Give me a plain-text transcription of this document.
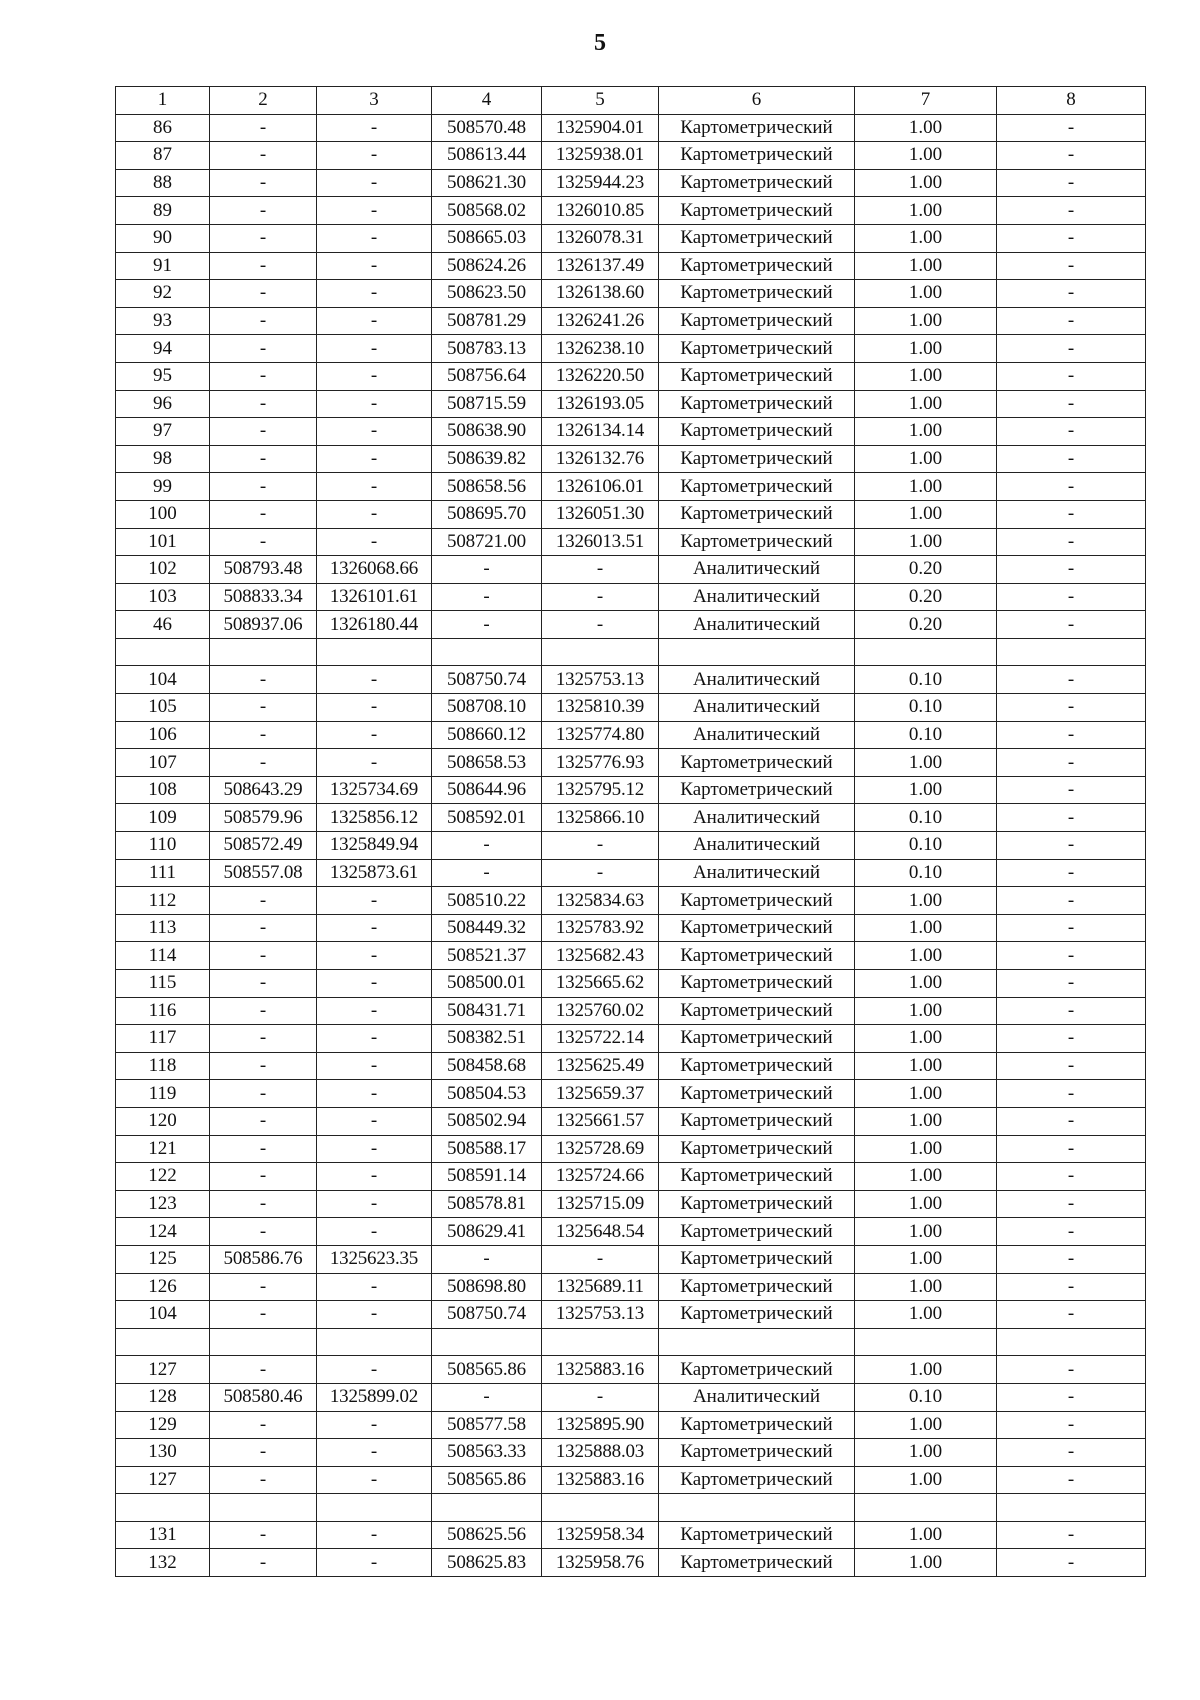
5
1	2	3	4	5	6	7	8
86	-	-	508570.48	1325904.01	Картометрический	1.00	-
87	-	-	508613.44	1325938.01	Картометрический	1.00	-
88	-	-	508621.30	1325944.23	Картометрический	1.00	-
89	-	-	508568.02	1326010.85	Картометрический	1.00	-
90	-	-	508665.03	1326078.31	Картометрический	1.00	-
91	-	-	508624.26	1326137.49	Картометрический	1.00	-
92	-	-	508623.50	1326138.60	Картометрический	1.00	-
93	-	-	508781.29	1326241.26	Картометрический	1.00	-
94	-	-	508783.13	1326238.10	Картометрический	1.00	-
95	-	-	508756.64	1326220.50	Картометрический	1.00	-
96	-	-	508715.59	1326193.05	Картометрический	1.00	-
97	-	-	508638.90	1326134.14	Картометрический	1.00	-
98	-	-	508639.82	1326132.76	Картометрический	1.00	-
99	-	-	508658.56	1326106.01	Картометрический	1.00	-
100	-	-	508695.70	1326051.30	Картометрический	1.00	-
101	-	-	508721.00	1326013.51	Картометрический	1.00	-
102	508793.48	1326068.66	-	-	Аналитический	0.20	-
103	508833.34	1326101.61	-	-	Аналитический	0.20	-
46	508937.06	1326180.44	-	-	Аналитический	0.20	-

104	-	-	508750.74	1325753.13	Аналитический	0.10	-
105	-	-	508708.10	1325810.39	Аналитический	0.10	-
106	-	-	508660.12	1325774.80	Аналитический	0.10	-
107	-	-	508658.53	1325776.93	Картометрический	1.00	-
108	508643.29	1325734.69	508644.96	1325795.12	Картометрический	1.00	-
109	508579.96	1325856.12	508592.01	1325866.10	Аналитический	0.10	-
110	508572.49	1325849.94	-	-	Аналитический	0.10	-
111	508557.08	1325873.61	-	-	Аналитический	0.10	-
112	-	-	508510.22	1325834.63	Картометрический	1.00	-
113	-	-	508449.32	1325783.92	Картометрический	1.00	-
114	-	-	508521.37	1325682.43	Картометрический	1.00	-
115	-	-	508500.01	1325665.62	Картометрический	1.00	-
116	-	-	508431.71	1325760.02	Картометрический	1.00	-
117	-	-	508382.51	1325722.14	Картометрический	1.00	-
118	-	-	508458.68	1325625.49	Картометрический	1.00	-
119	-	-	508504.53	1325659.37	Картометрический	1.00	-
120	-	-	508502.94	1325661.57	Картометрический	1.00	-
121	-	-	508588.17	1325728.69	Картометрический	1.00	-
122	-	-	508591.14	1325724.66	Картометрический	1.00	-
123	-	-	508578.81	1325715.09	Картометрический	1.00	-
124	-	-	508629.41	1325648.54	Картометрический	1.00	-
125	508586.76	1325623.35	-	-	Картометрический	1.00	-
126	-	-	508698.80	1325689.11	Картометрический	1.00	-
104	-	-	508750.74	1325753.13	Картометрический	1.00	-

127	-	-	508565.86	1325883.16	Картометрический	1.00	-
128	508580.46	1325899.02	-	-	Аналитический	0.10	-
129	-	-	508577.58	1325895.90	Картометрический	1.00	-
130	-	-	508563.33	1325888.03	Картометрический	1.00	-
127	-	-	508565.86	1325883.16	Картометрический	1.00	-

131	-	-	508625.56	1325958.34	Картометрический	1.00	-
132	-	-	508625.83	1325958.76	Картометрический	1.00	-
